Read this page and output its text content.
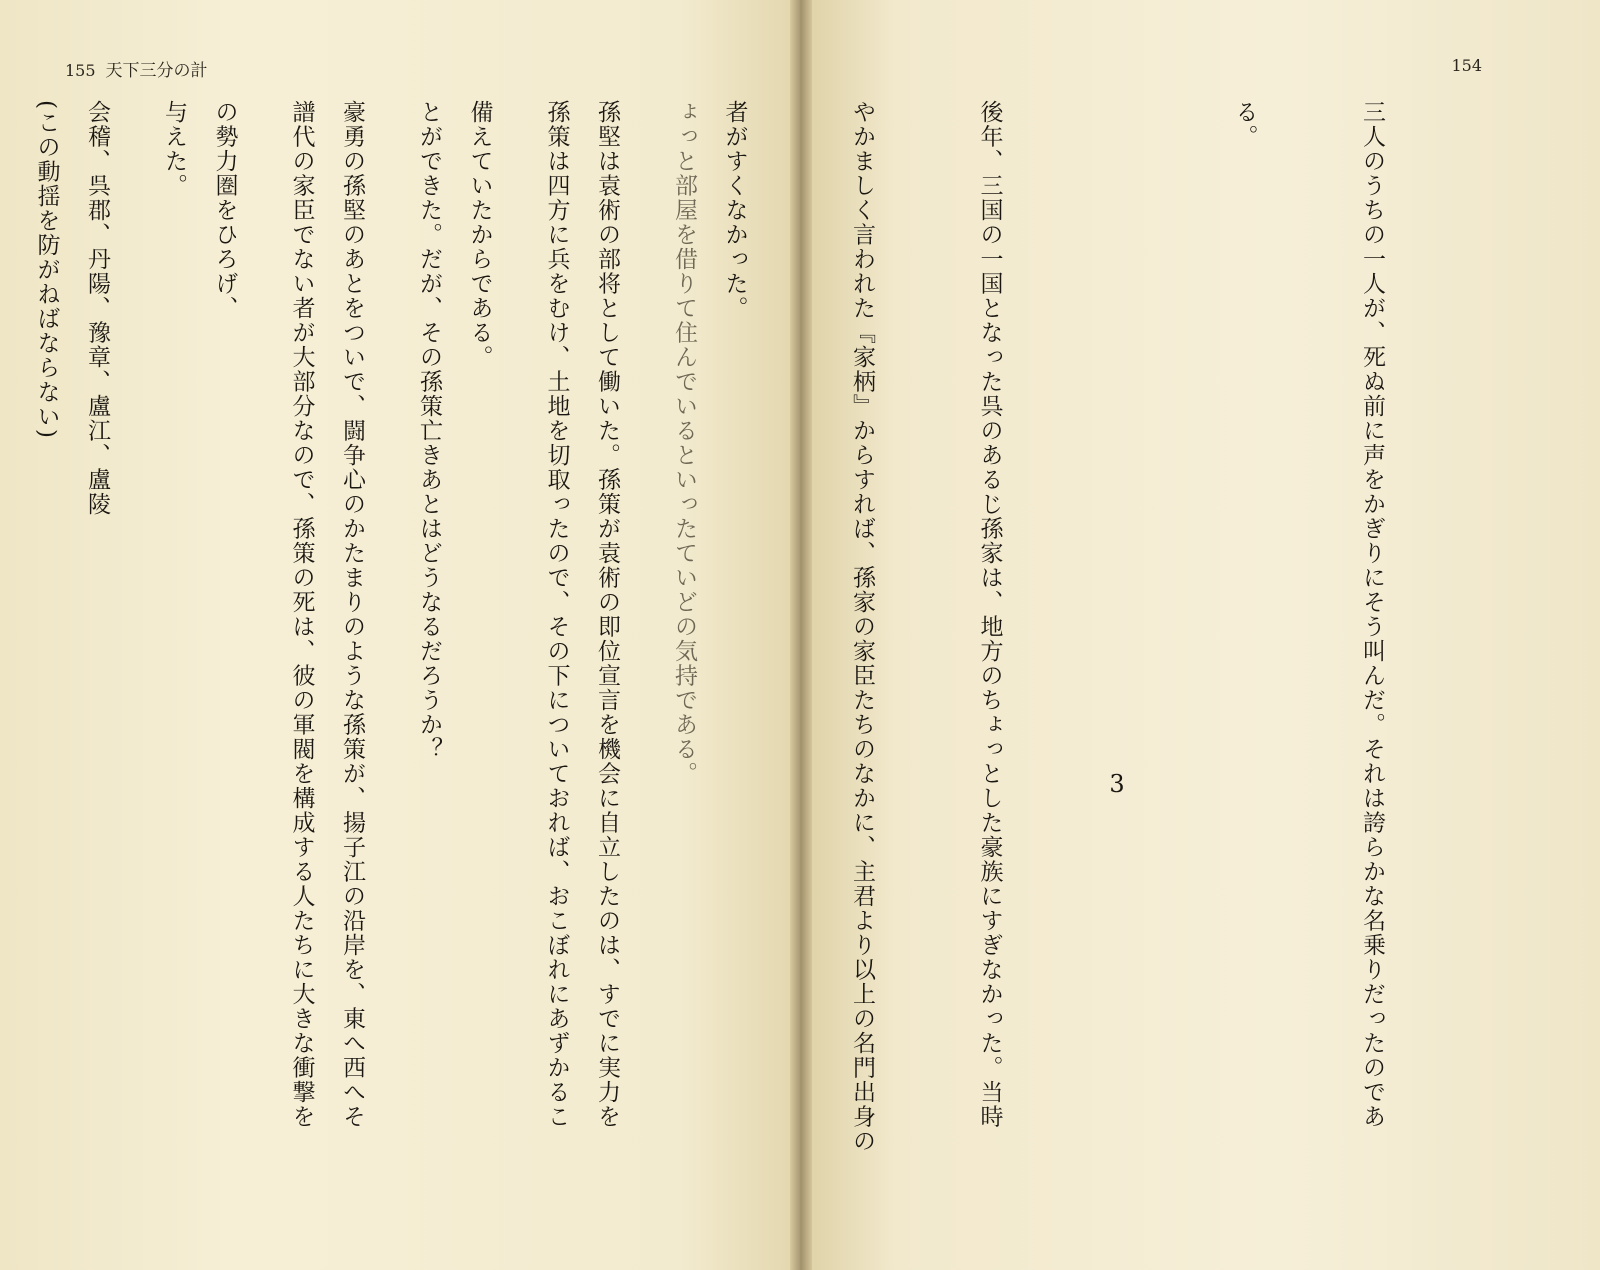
155 天下三分の計

ょっと部屋を借りて住んでいるといったていどの気持である。

孫策は四方に兵をむけ、土地を切取ったので、その下についておれば、おこぼれにあずかるこ

とができた。だが、その孫策亡きあとはどうなるだろうか？

譜代の家臣でない者が大部分なので、孫策の死は、彼の軍閥を構成する人たちに大きな衝撃を

与えた。

(この動揺を防がねばならない)

154

三人のうちの一人が、死ぬ前に声をかぎりにそう叫んだ。それは誇らかな名乗りだったのであ

る。

3

後年、三国の一国となった呉のあるじ孫家は、地方のちょっとした豪族にすぎなかった。当時

やかましく言われた『家柄』からすれば、孫家の家臣たちのなかに、主君より以上の名門出身の

者がすくなかった。

孫堅は袁術の部将として働いた。孫策が袁術の即位宣言を機会に自立したのは、すでに実力を

備えていたからである。

豪勇の孫堅のあとをついで、闘争心のかたまりのような孫策が、揚子江の沿岸を、東へ西へそ

の勢力圏をひろげ、

会稽、呉郡、丹陽、豫章、盧江、盧陵
